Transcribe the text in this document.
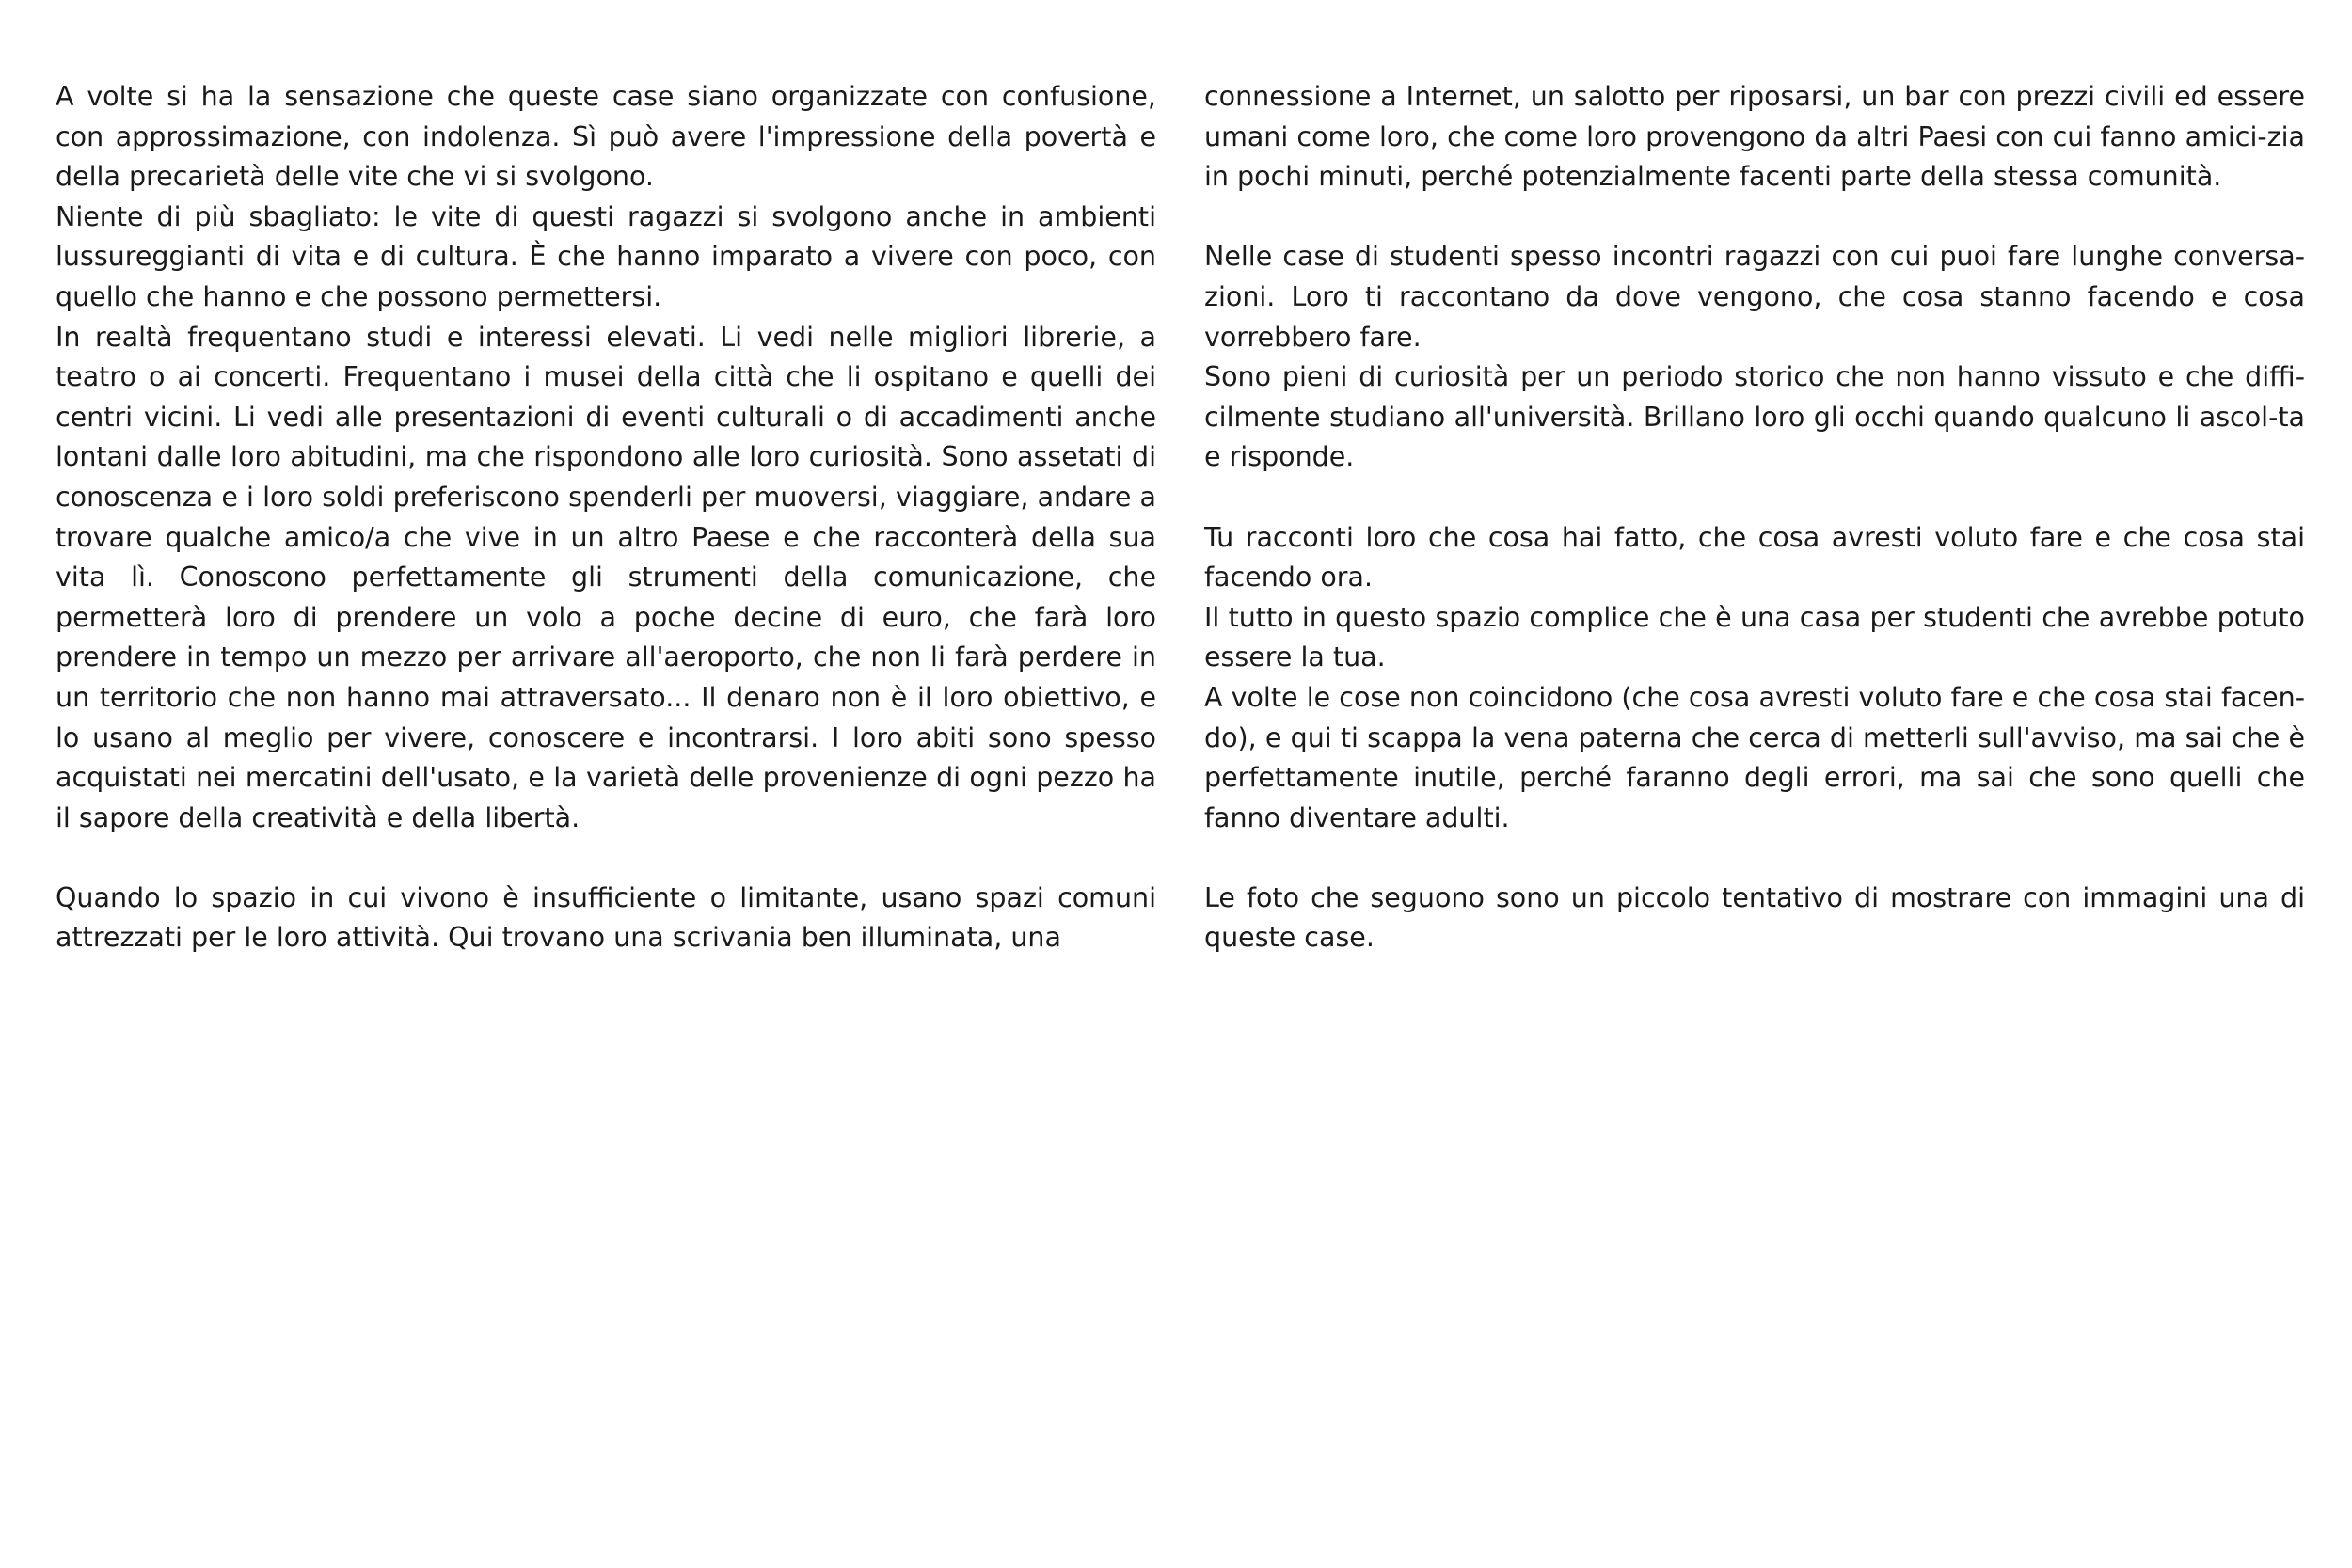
A volte si ha la sensazione che queste case siano organizzate con confusione, con approssimazione, con indolenza. Sì può avere l'impressione della povertà e della precarietà delle vite che vi si svolgono.

Niente di più sbagliato: le vite di questi ragazzi si svolgono anche in ambienti lussureggianti di vita e di cultura. È che hanno imparato a vivere con poco, con quello che hanno e che possono permettersi.

In realtà frequentano studi e interessi elevati. Li vedi nelle migliori librerie, a teatro o ai concerti. Frequentano i musei della città che li ospitano e quelli dei centri vicini. Li vedi alle presentazioni di eventi culturali o di accadimenti anche lontani dalle loro abitudini, ma che rispondono alle loro curiosità. Sono assetati di conoscenza e i loro soldi preferiscono spenderli per muoversi, viaggiare, andare a trovare qualche amico/a che vive in un altro Paese e che racconterà della sua vita lì. Conoscono perfettamente gli strumenti della comunicazione, che permetterà loro di prendere un volo a poche decine di euro, che farà loro prendere in tempo un mezzo per arrivare all'aeroporto, che non li farà perdere in un territorio che non hanno mai attraversato... Il denaro non è il loro obiettivo, e lo usano al meglio per vivere, conoscere e incontrarsi. I loro abiti sono spesso acquistati nei mercatini dell'usato, e la varietà delle provenienze di ogni pezzo ha il sapore della creatività e della libertà.

Quando lo spazio in cui vivono è insufficiente o limitante, usano spazi comuni attrezzati per le loro attività. Qui trovano una scrivania ben illuminata, una

connessione a Internet, un salotto per riposarsi, un bar con prezzi civili ed essere umani come loro, che come loro provengono da altri Paesi con cui fanno amici-zia in pochi minuti, perché potenzialmente facenti parte della stessa comunità.

Nelle case di studenti spesso incontri ragazzi con cui puoi fare lunghe conversa-zioni. Loro ti raccontano da dove vengono, che cosa stanno facendo e cosa vorrebbero fare.

Sono pieni di curiosità per un periodo storico che non hanno vissuto e che diffi-cilmente studiano all'università. Brillano loro gli occhi quando qualcuno li ascol-ta e risponde.

Tu racconti loro che cosa hai fatto, che cosa avresti voluto fare e che cosa stai facendo ora.

Il tutto in questo spazio complice che è una casa per studenti che avrebbe potuto essere la tua.

A volte le cose non coincidono (che cosa avresti voluto fare e che cosa stai facen-do), e qui ti scappa la vena paterna che cerca di metterli sull'avviso, ma sai che è perfettamente inutile, perché faranno degli errori, ma sai che sono quelli che fanno diventare adulti.

Le foto che seguono sono un piccolo tentativo di mostrare con immagini una di queste case.
